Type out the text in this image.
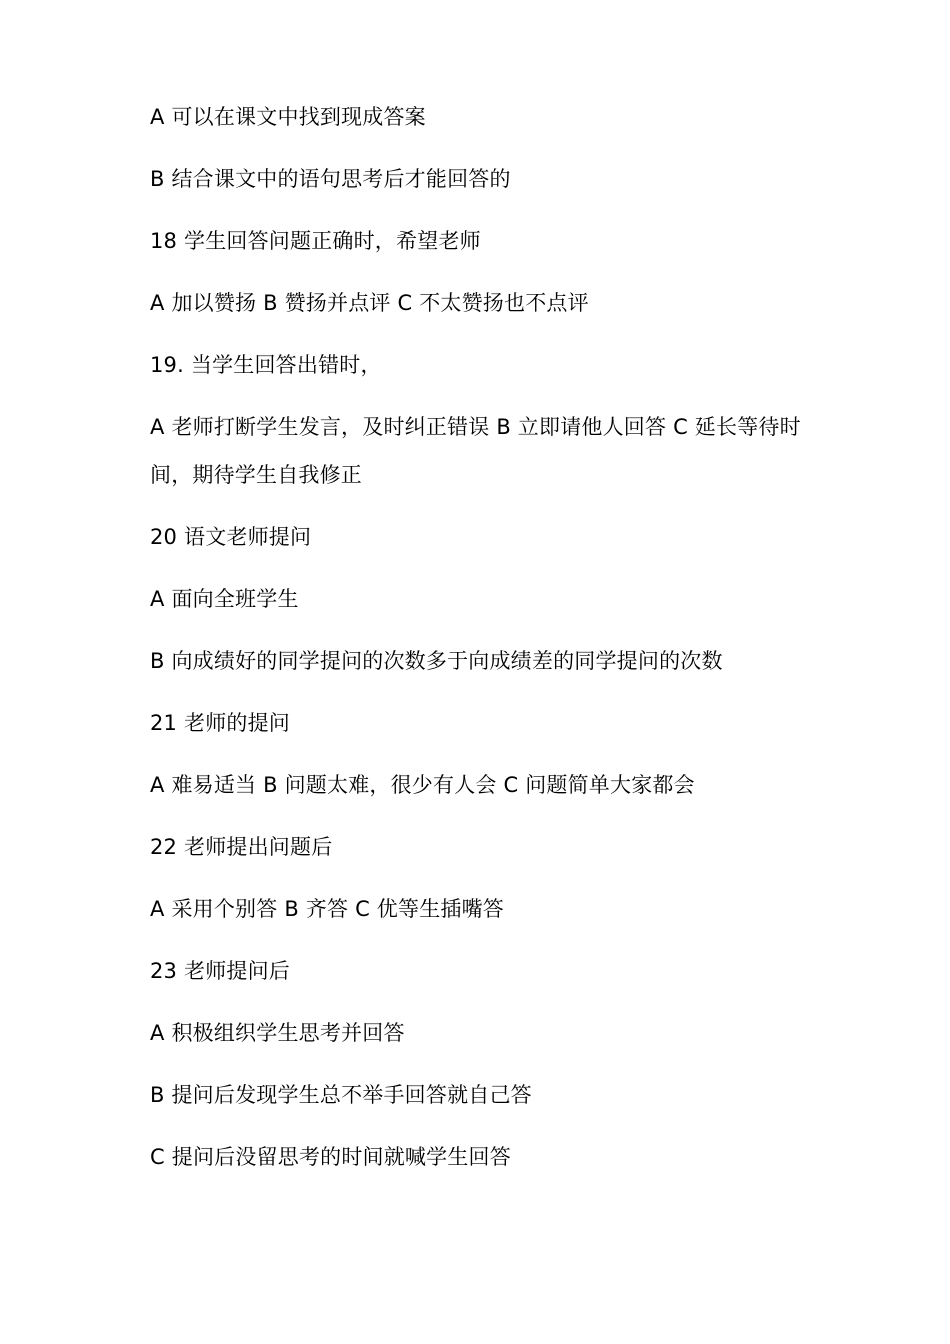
A 可以在课文中找到现成答案
B 结合课文中的语句思考后才能回答的
18 学生回答问题正确时，希望老师
A 加以赞扬 B 赞扬并点评 C 不太赞扬也不点评
19. 当学生回答出错时，
A 老师打断学生发言，及时纠正错误 B 立即请他人回答 C 延长等待时
间，期待学生自我修正
20 语文老师提问
A 面向全班学生
B 向成绩好的同学提问的次数多于向成绩差的同学提问的次数
21 老师的提问
A 难易适当 B 问题太难，很少有人会 C 问题简单大家都会
22 老师提出问题后
A 采用个别答 B 齐答 C 优等生插嘴答
23 老师提问后
A 积极组织学生思考并回答
B 提问后发现学生总不举手回答就自己答
C 提问后没留思考的时间就喊学生回答
